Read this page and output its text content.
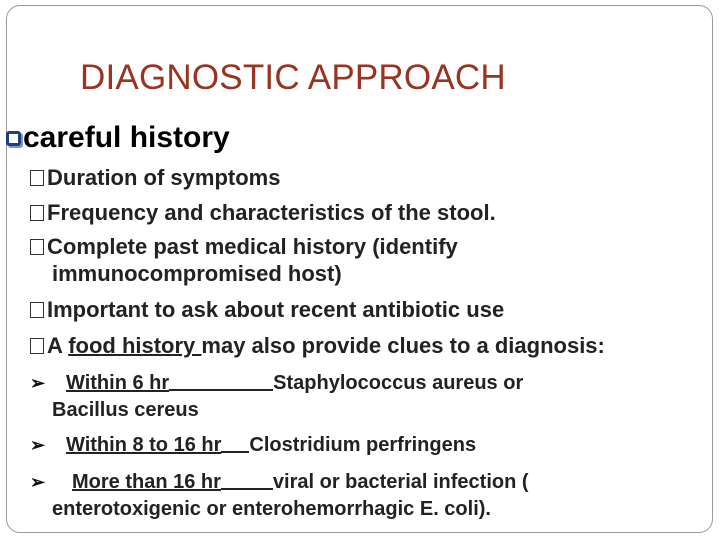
DIAGNOSTIC APPROACH
careful history
Duration of symptoms
Frequency and characteristics of the stool.
Complete past medical history (identify
immunocompromised host)
Important to ask about recent antibiotic use
A food history may also provide clues to a diagnosis:
➢ Within 6 hr	Staphylococcus aureus or
Bacillus cereus
➢ Within 8 to 16 hr Clostridium perfringens
➢ More than 16 hr	viral or bacterial infection (
enterotoxigenic or enterohemorrhagic E. coli).
